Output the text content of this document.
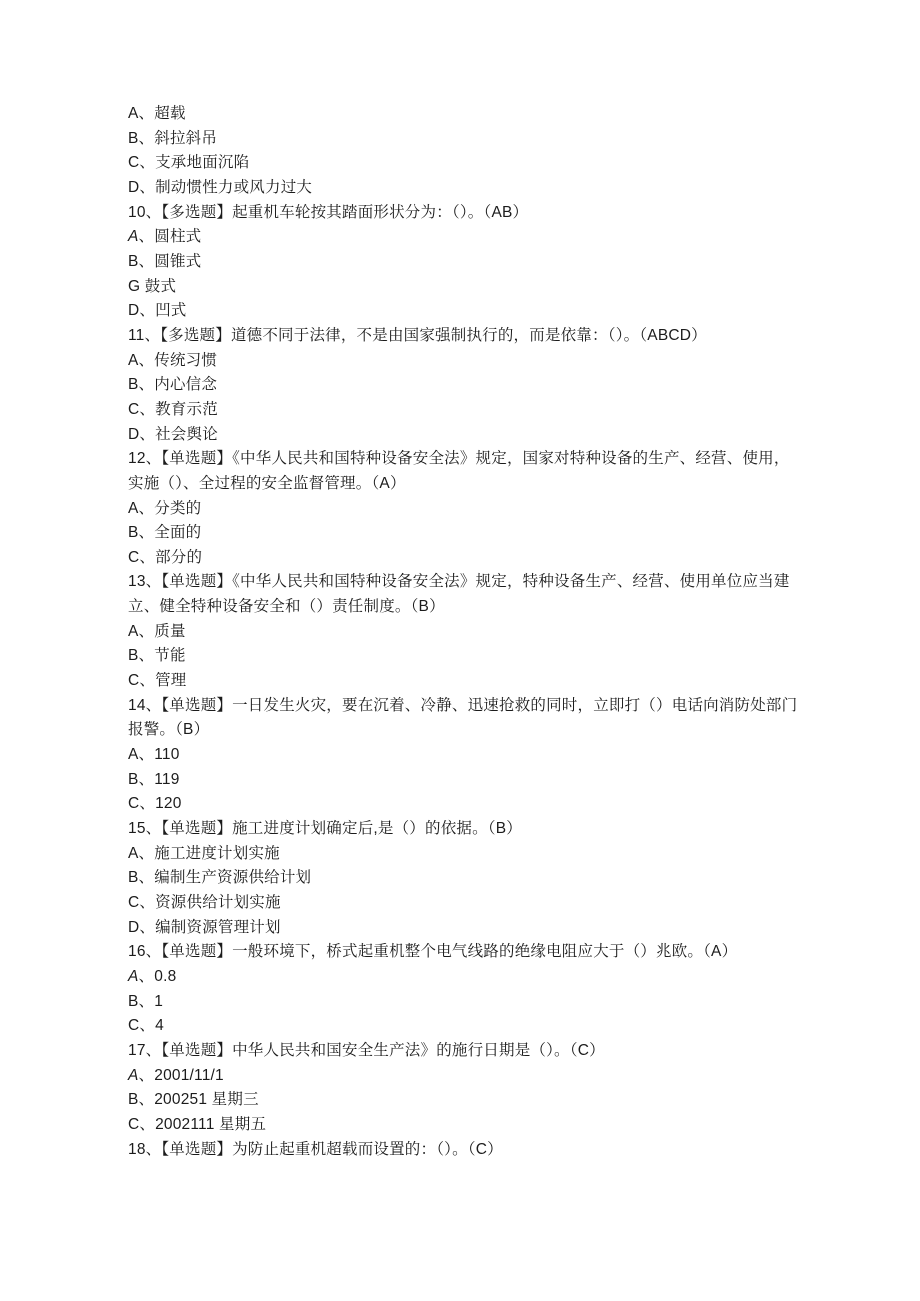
A、超载
B、斜拉斜吊
C、支承地面沉陷
D、制动惯性力或风力过大
10、【多选题】起重机车轮按其踏面形状分为：（）。（AB）
A、圆柱式
B、圆锥式
G 鼓式
D、凹式
11、【多选题】道德不同于法律，不是由国家强制执行的，而是依靠：（）。（ABCD）
A、传统习惯
B、内心信念
C、教育示范
D、社会舆论
12、【单选题】《中华人民共和国特种设备安全法》规定，国家对特种设备的生产、经营、使用，
实施（）、全过程的安全监督管理。（A）
A、分类的
B、全面的
C、部分的
13、【单选题】《中华人民共和国特种设备安全法》规定，特种设备生产、经营、使用单位应当建
立、健全特种设备安全和（）责任制度。（B）
A、质量
B、节能
C、管理
14、【单选题】一日发生火灾，要在沉着、冷静、迅速抢救的同时，立即打（）电话向消防处部门
报警。（B）
A、110
B、119
C、120
15、【单选题】施工进度计划确定后,是（）的依据。（B）
A、施工进度计划实施
B、编制生产资源供给计划
C、资源供给计划实施
D、编制资源管理计划
16、【单选题】一般环境下，桥式起重机整个电气线路的绝缘电阻应大于（）兆欧。（A）
A、0.8
B、1
C、4
17、【单选题】中华人民共和国安全生产法》的施行日期是（）。（C）
A、2001/11/1
B、200251 星期三
C、2002111 星期五
18、【单选题】为防止起重机超载而设置的：（）。（C）
